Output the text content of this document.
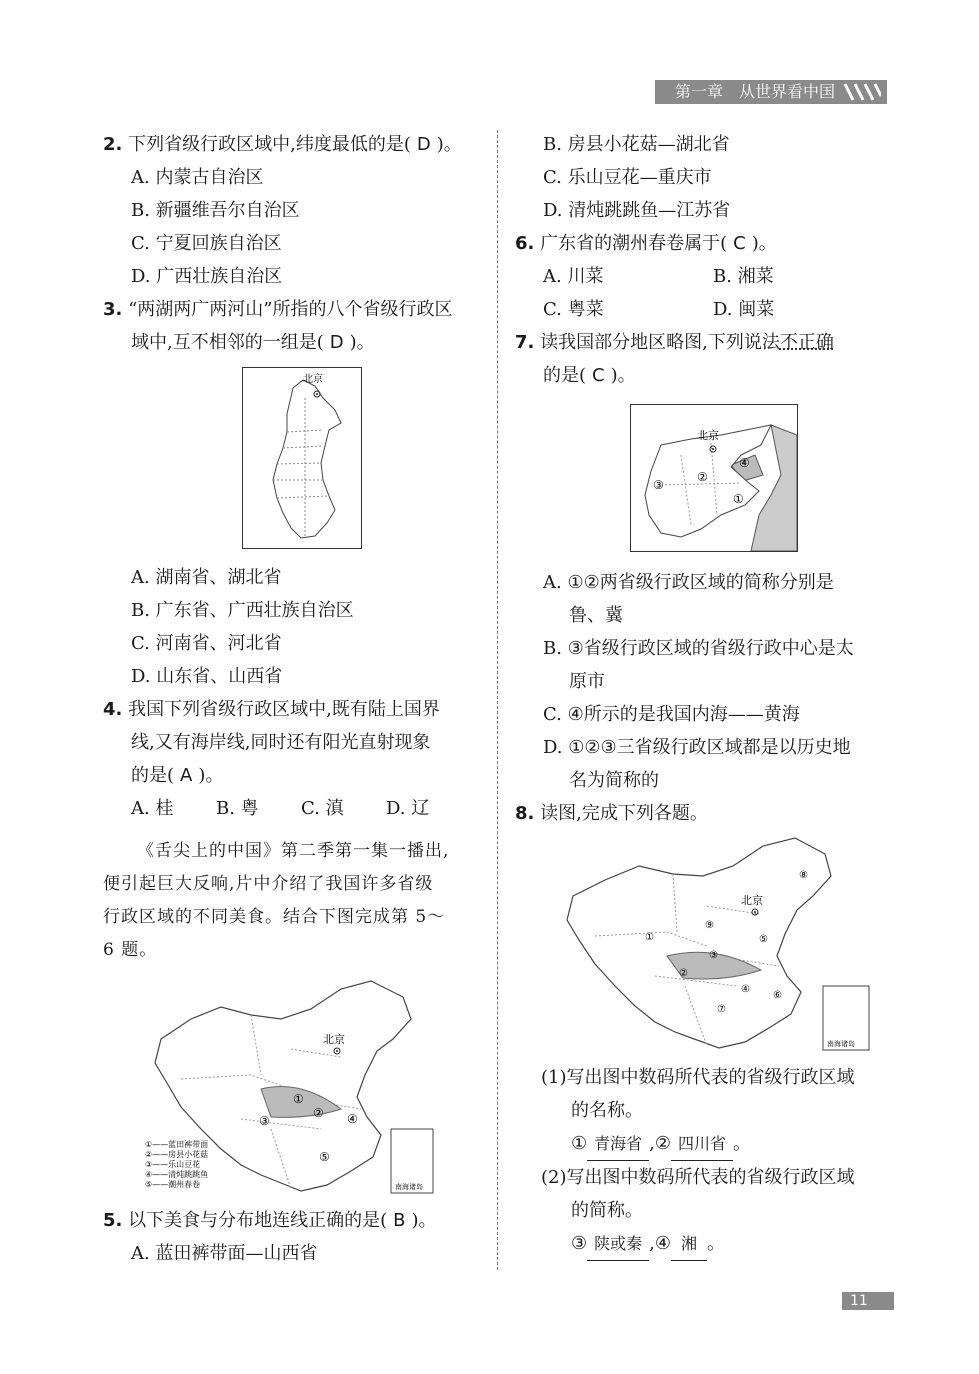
第一章　从世界看中国
2. 下列省级行政区域中,纬度最低的是( D )。
A. 内蒙古自治区
B. 新疆维吾尔自治区
C. 宁夏回族自治区
D. 广西壮族自治区
3. “两湖两广两河山”所指的八个省级行政区
域中,互不相邻的一组是( D )。
北京
A. 湖南省、湖北省
B. 广东省、广西壮族自治区
C. 河南省、河北省
D. 山东省、山西省
4. 我国下列省级行政区域中,既有陆上国界
线,又有海岸线,同时还有阳光直射现象
的是( A )。
A. 桂 B. 粤 C. 滇 D. 辽
《舌尖上的中国》第二季第一集一播出,
便引起巨大反响,片中介绍了我国许多省级
行政区域的不同美食。结合下图完成第 5～
6 题。
北京
①
②
③	④
⑤
南海诸岛
①——蓝田裤带面
②——房县小花菇
③——乐山豆花
④——清炖跳跳鱼
⑤——潮州春卷
5. 以下美食与分布地连线正确的是( B )。
A. 蓝田裤带面—山西省
B. 房县小花菇—湖北省
C. 乐山豆花—重庆市
D. 清炖跳跳鱼—江苏省
6. 广东省的潮州春卷属于( C )。
A. 川菜	B. 湘菜
C. 粤菜	D. 闽菜
7. 读我国部分地区略图,下列说法不正确
的是( C )。
北京
①
②
③
④
A. ①②两省级行政区域的简称分别是
鲁、冀
B. ③省级行政区域的省级行政中心是太
原市
C. ④所示的是我国内海——黄海
D. ①②③三省级行政区域都是以历史地
名为简称的
8. 读图,完成下列各题。
北京
①
②
③
④
⑤
⑥
⑦
⑧
⑨
南海诸岛
(1)写出图中数码所代表的省级行政区域
的名称。
① 青海省 ,② 四川省 。
(2)写出图中数码所代表的省级行政区域
的简称。
③ 陕或秦 ,④ 湘 。
11
